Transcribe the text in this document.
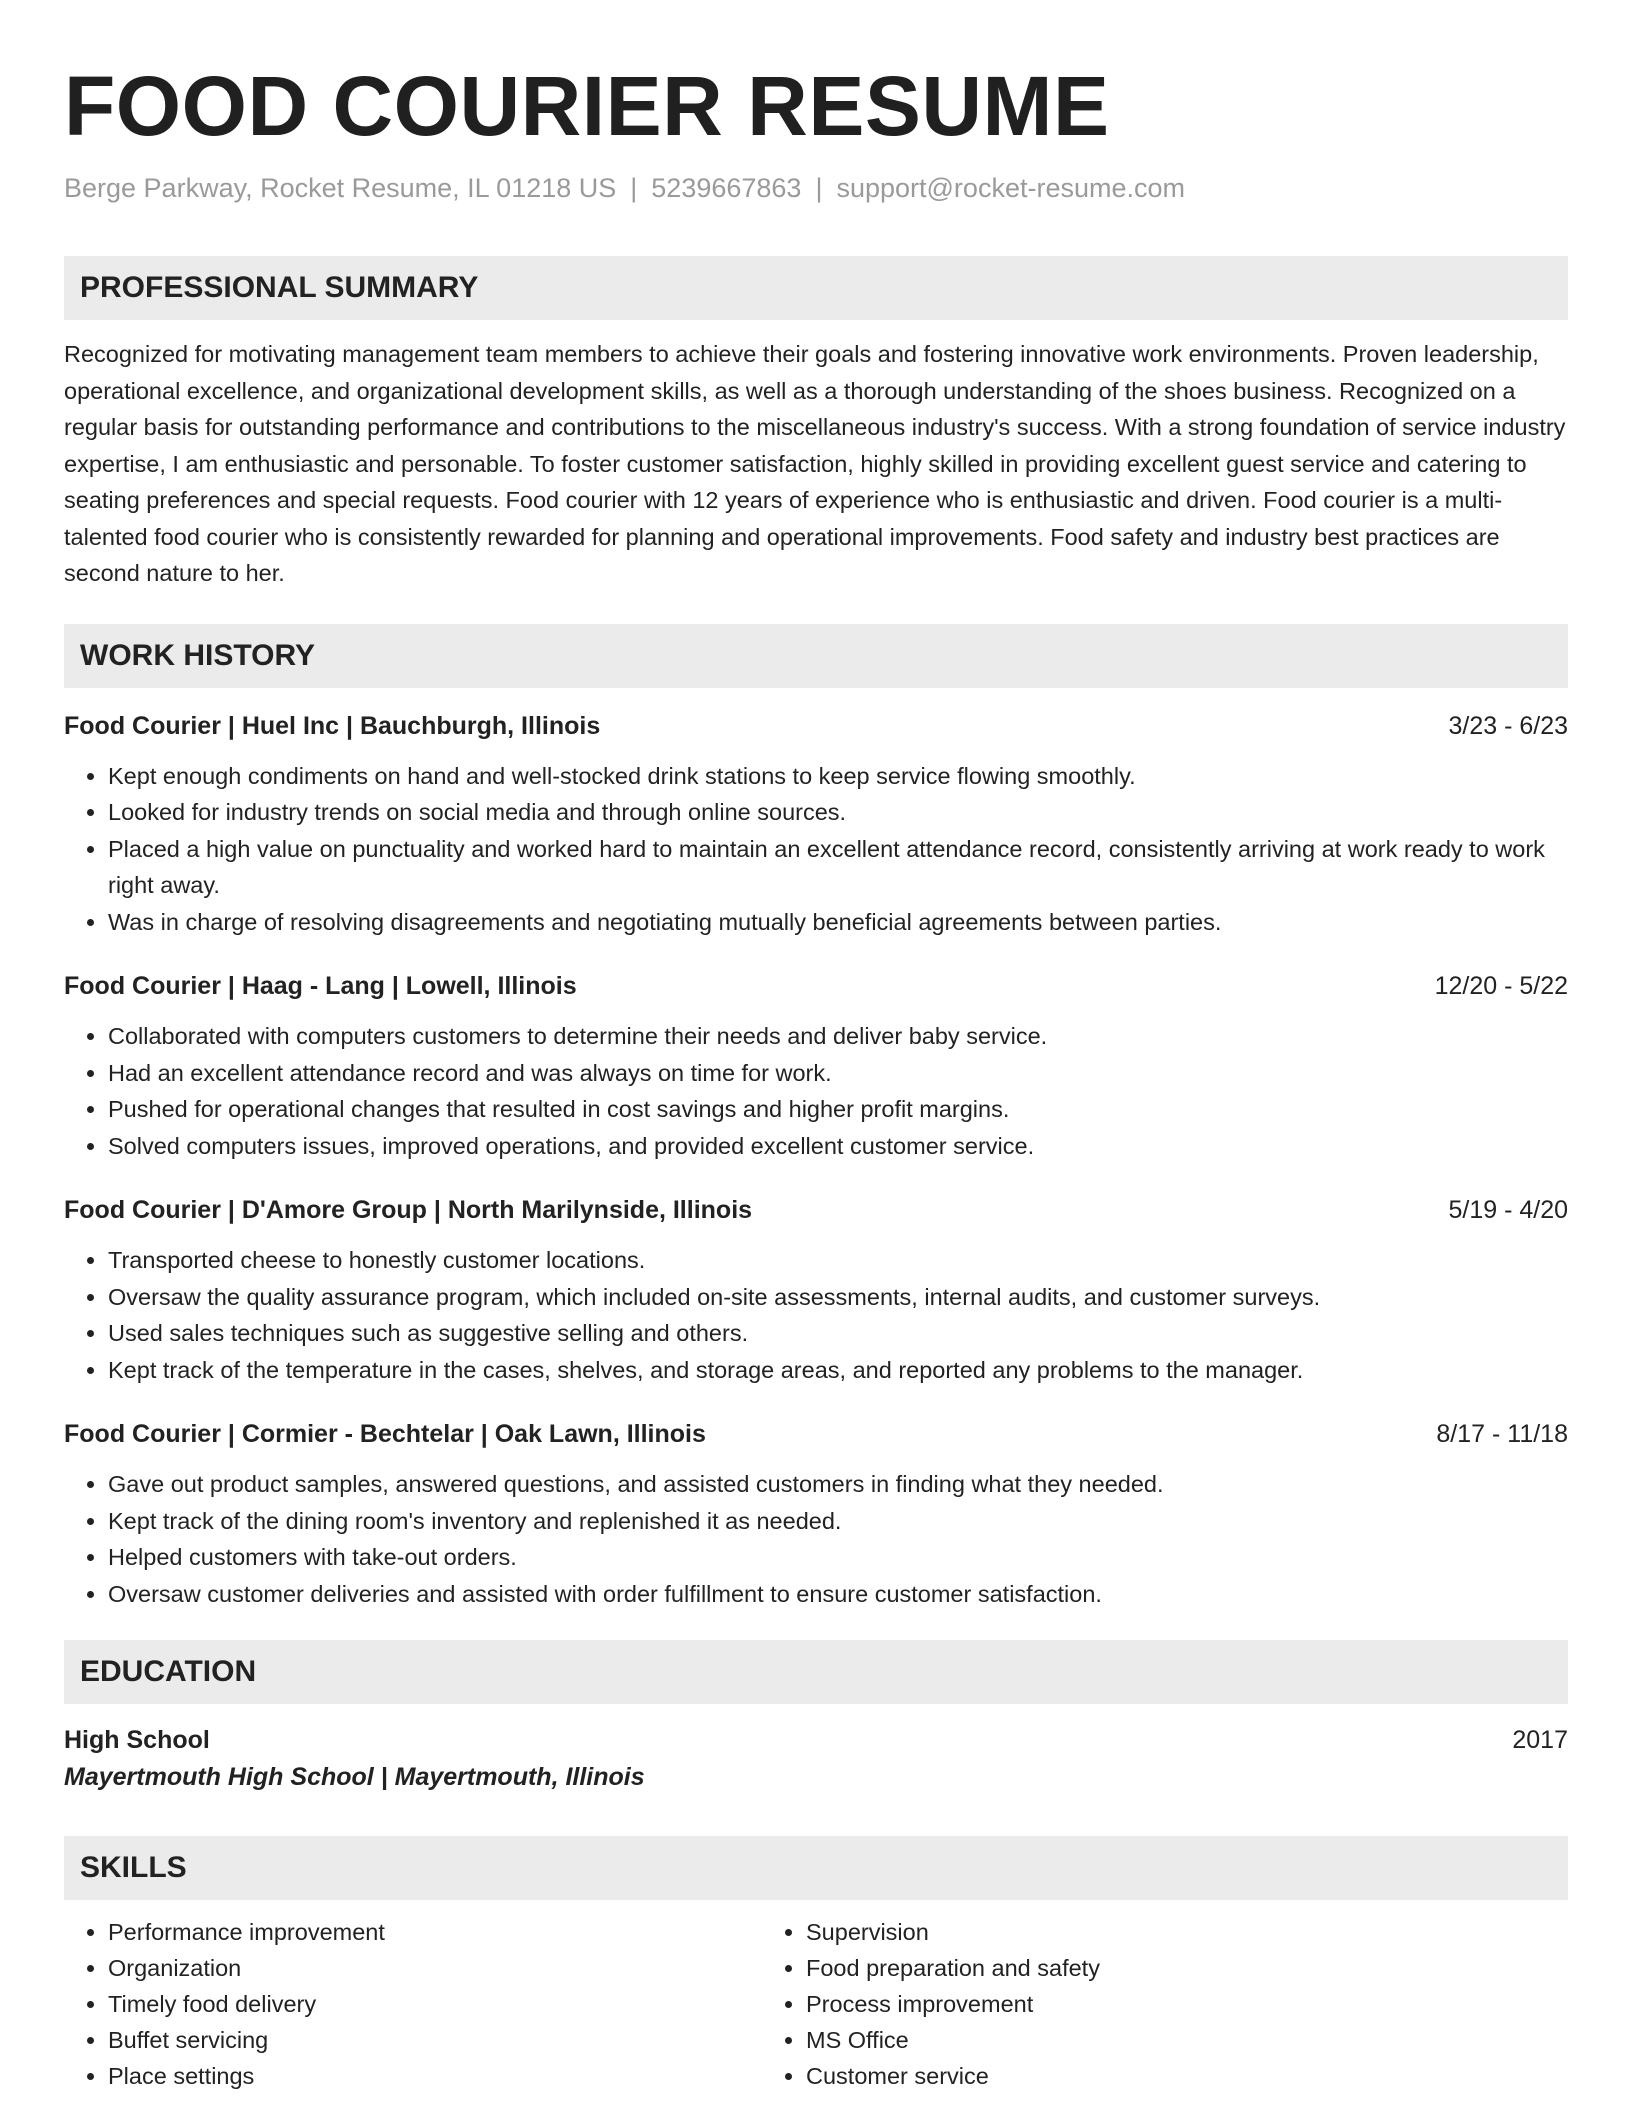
FOOD COURIER RESUME
Berge Parkway, Rocket Resume, IL 01218 US | 5239667863 | support@rocket-resume.com
PROFESSIONAL SUMMARY

Recognized for motivating management team members to achieve their goals and fostering innovative work environments. Proven leadership, operational excellence, and organizational development skills, as well as a thorough understanding of the shoes business. Recognized on a regular basis for outstanding performance and contributions to the miscellaneous industry's success. With a strong foundation of service industry expertise, I am enthusiastic and personable. To foster customer satisfaction, highly skilled in providing excellent guest service and catering to seating preferences and special requests. Food courier with 12 years of experience who is enthusiastic and driven. Food courier is a multi-talented food courier who is consistently rewarded for planning and operational improvements. Food safety and industry best practices are second nature to her.

WORK HISTORY
Food Courier | Huel Inc | Bauchburgh, Illinois	3/23 - 6/23
• Kept enough condiments on hand and well-stocked drink stations to keep service flowing smoothly.
• Looked for industry trends on social media and through online sources.
• Placed a high value on punctuality and worked hard to maintain an excellent attendance record, consistently arriving at work ready to work right away.
• Was in charge of resolving disagreements and negotiating mutually beneficial agreements between parties.
Food Courier | Haag - Lang | Lowell, Illinois	12/20 - 5/22
• Collaborated with computers customers to determine their needs and deliver baby service.
• Had an excellent attendance record and was always on time for work.
• Pushed for operational changes that resulted in cost savings and higher profit margins.
• Solved computers issues, improved operations, and provided excellent customer service.
Food Courier | D'Amore Group | North Marilynside, Illinois	5/19 - 4/20
• Transported cheese to honestly customer locations.
• Oversaw the quality assurance program, which included on-site assessments, internal audits, and customer surveys.
• Used sales techniques such as suggestive selling and others.
• Kept track of the temperature in the cases, shelves, and storage areas, and reported any problems to the manager.
Food Courier | Cormier - Bechtelar | Oak Lawn, Illinois	8/17 - 11/18
• Gave out product samples, answered questions, and assisted customers in finding what they needed.
• Kept track of the dining room's inventory and replenished it as needed.
• Helped customers with take-out orders.
• Oversaw customer deliveries and assisted with order fulfillment to ensure customer satisfaction.
EDUCATION
High School	2017
Mayertmouth High School | Mayertmouth, Illinois
SKILLS
• Performance improvement
• Organization
• Timely food delivery
• Buffet servicing
• Place settings
• Supervision
• Food preparation and safety
• Process improvement
• MS Office
• Customer service
